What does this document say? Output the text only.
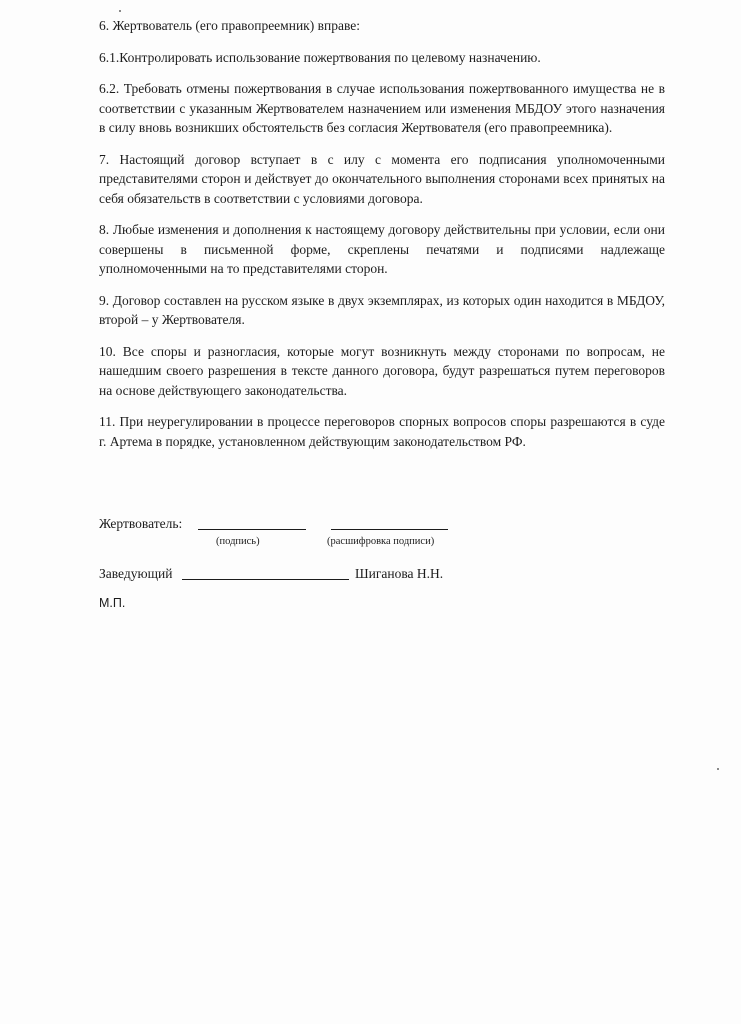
6. Жертвователь (его правопреемник) вправе:

6.1.Контролировать использование пожертвования по целевому назначению.

6.2. Требовать отмены пожертвования в случае использования пожертвованного имущества не в соответствии с указанным Жертвователем назначением или изменения МБДОУ этого назначения в силу вновь возникших обстоятельств без согласия Жертвователя (его правопреемника).

7. Настоящий договор вступает в с илу с момента его подписания уполномоченными представителями сторон и действует до окончательного выполнения сторонами всех принятых на себя обязательств в соответствии с условиями договора.

8. Любые изменения и дополнения к настоящему договору действительны при условии, если они совершены в письменной форме, скреплены печатями и подписями надлежаще уполномоченными на то представителями сторон.

9. Договор составлен на русском языке в двух экземплярах, из которых один находится в МБДОУ, второй – у Жертвователя.

10. Все споры и разногласия, которые могут возникнуть между сторонами по вопросам, не нашедшим своего разрешения в тексте данного договора, будут разрешаться путем переговоров на основе действующего законодательства.

11. При неурегулировании в процессе переговоров спорных вопросов споры разрешаются в суде г. Артема в порядке, установленном действующим законодательством РФ.

Жертвователь:
(подпись)	(расшифровка подписи)
Заведующий	Шиганова Н.Н.
М.П.
